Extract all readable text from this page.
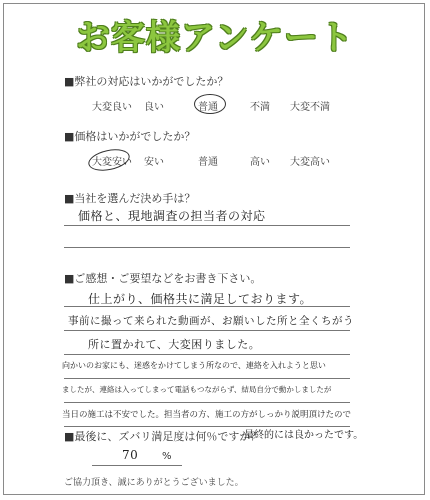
お客様アンケート
■弊社の対応はいかがでしたか？
大変良い 良い	普通	不満 大変不満
■価格はいかがでしたか？
大変安い 安い	普通	高い 大変高い
■当社を選んだ決め手は？
価格と、現地調査の担当者の対応
■ご感想・ご要望などをお書き下さい。
仕上がり、価格共に満足しております。
事前に撮って来られた動画が、お願いした所と全くちがう
所に置かれて、大変困りました。
向かいのお家にも、迷惑をかけてしまう所なので、連絡を入れようと思い
ましたが、連絡は入ってしまって電話もつながらず、結局自分で動かしましたが
当日の施工は不安でした。担当者の方、施工の方がしっかり説明頂けたので
■最後に、ズバリ満足度は何％ですか？
最終的には良かったです。
70 %
ご協力頂き、誠にありがとうございました。
